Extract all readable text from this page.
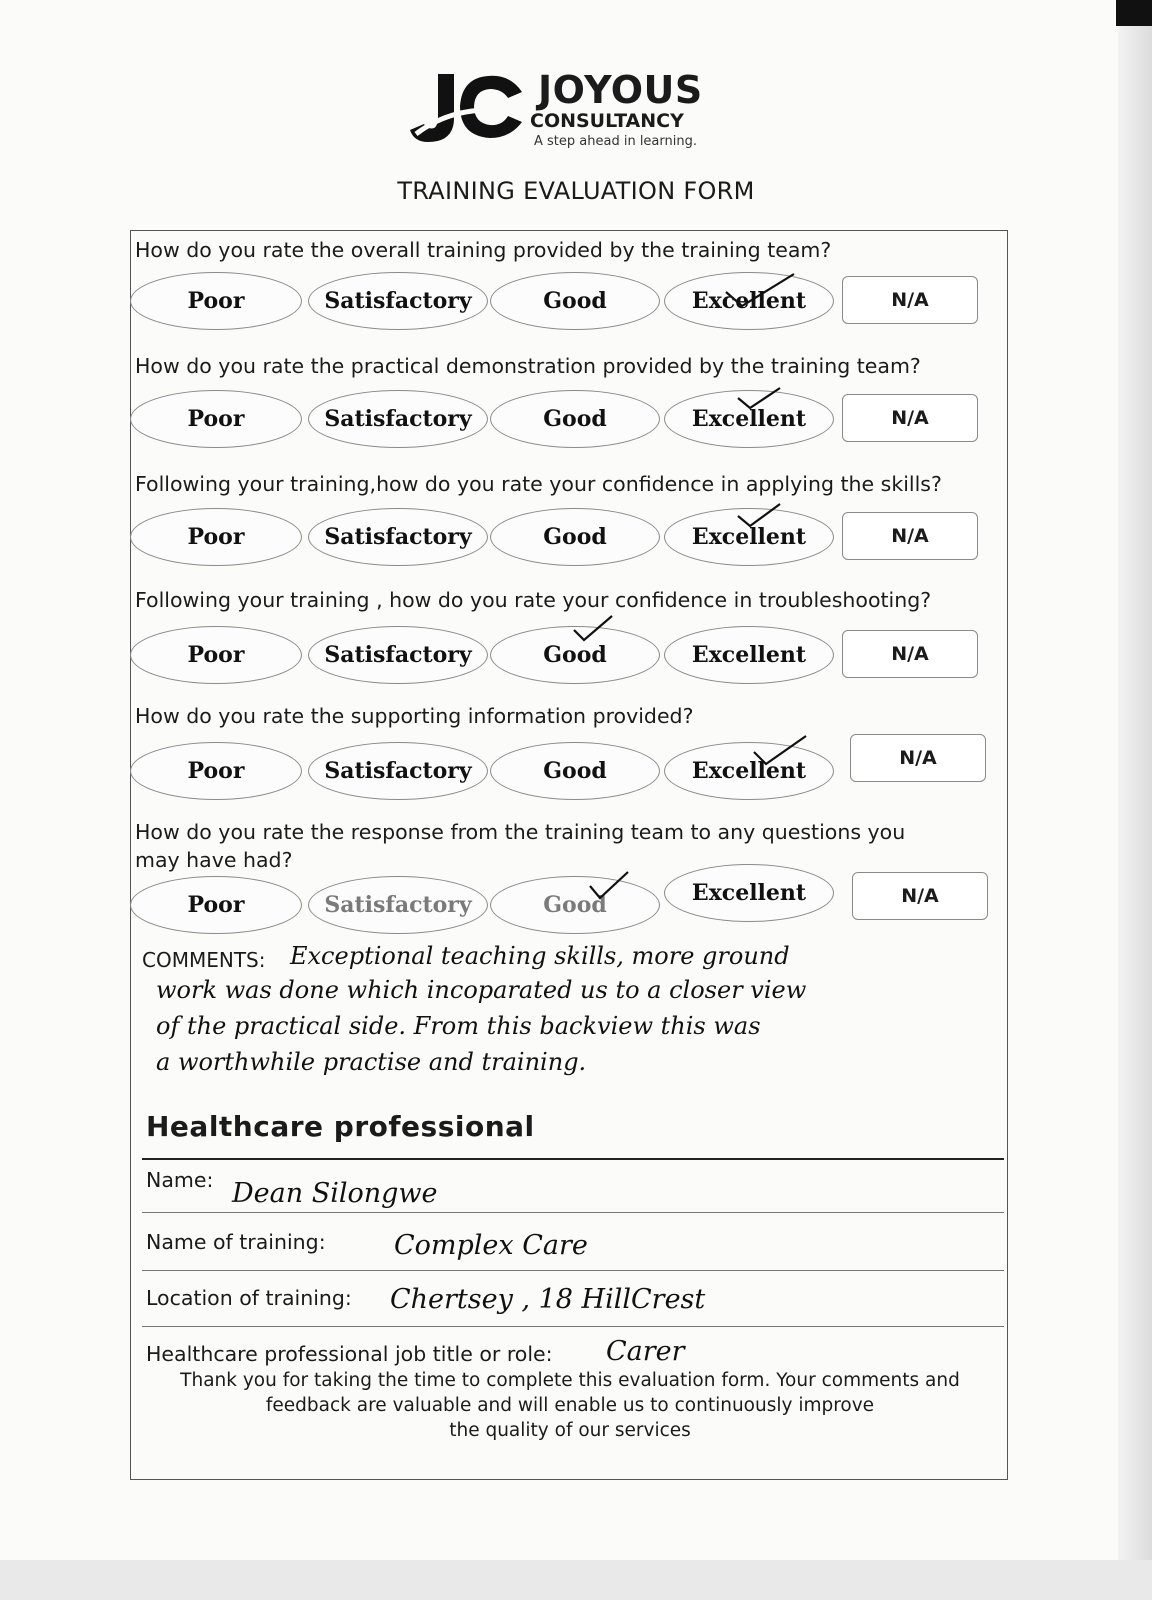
JOYOUS
CONSULTANCY
A step ahead in learning.
TRAINING EVALUATION FORM
How do you rate the overall training provided by the training team?
Poor	Satisfactory	Good	Excellent	N/A
How do you rate the practical demonstration provided by the training team?
Poor	Satisfactory	Good	Excellent	N/A
Following your training,how do you rate your confidence in applying the skills?
Poor	Satisfactory	Good	Excellent	N/A
Following your training , how do you rate your confidence in troubleshooting?
Poor	Satisfactory	Good	Excellent	N/A
How do you rate the supporting information provided?
Poor	Satisfactory	Good	Excellent	N/A
How do you rate the response from the training team to any questions you may have had?
Poor	Satisfactory	Good	Excellent	N/A
COMMENTS: Exceptional teaching skills, more ground
work was done which incoparated us to a closer view
of the practical side. From this backview this was
a worthwhile practise and training.
Healthcare professional
Name: Dean Silongwe
Name of training:	Complex Care
Location of training: Chertsey , 18 HillCrest
Healthcare professional job title or role: Carer
Thank you for taking the time to complete this evaluation form. Your comments and
feedback are valuable and will enable us to continuously improve
the quality of our services
